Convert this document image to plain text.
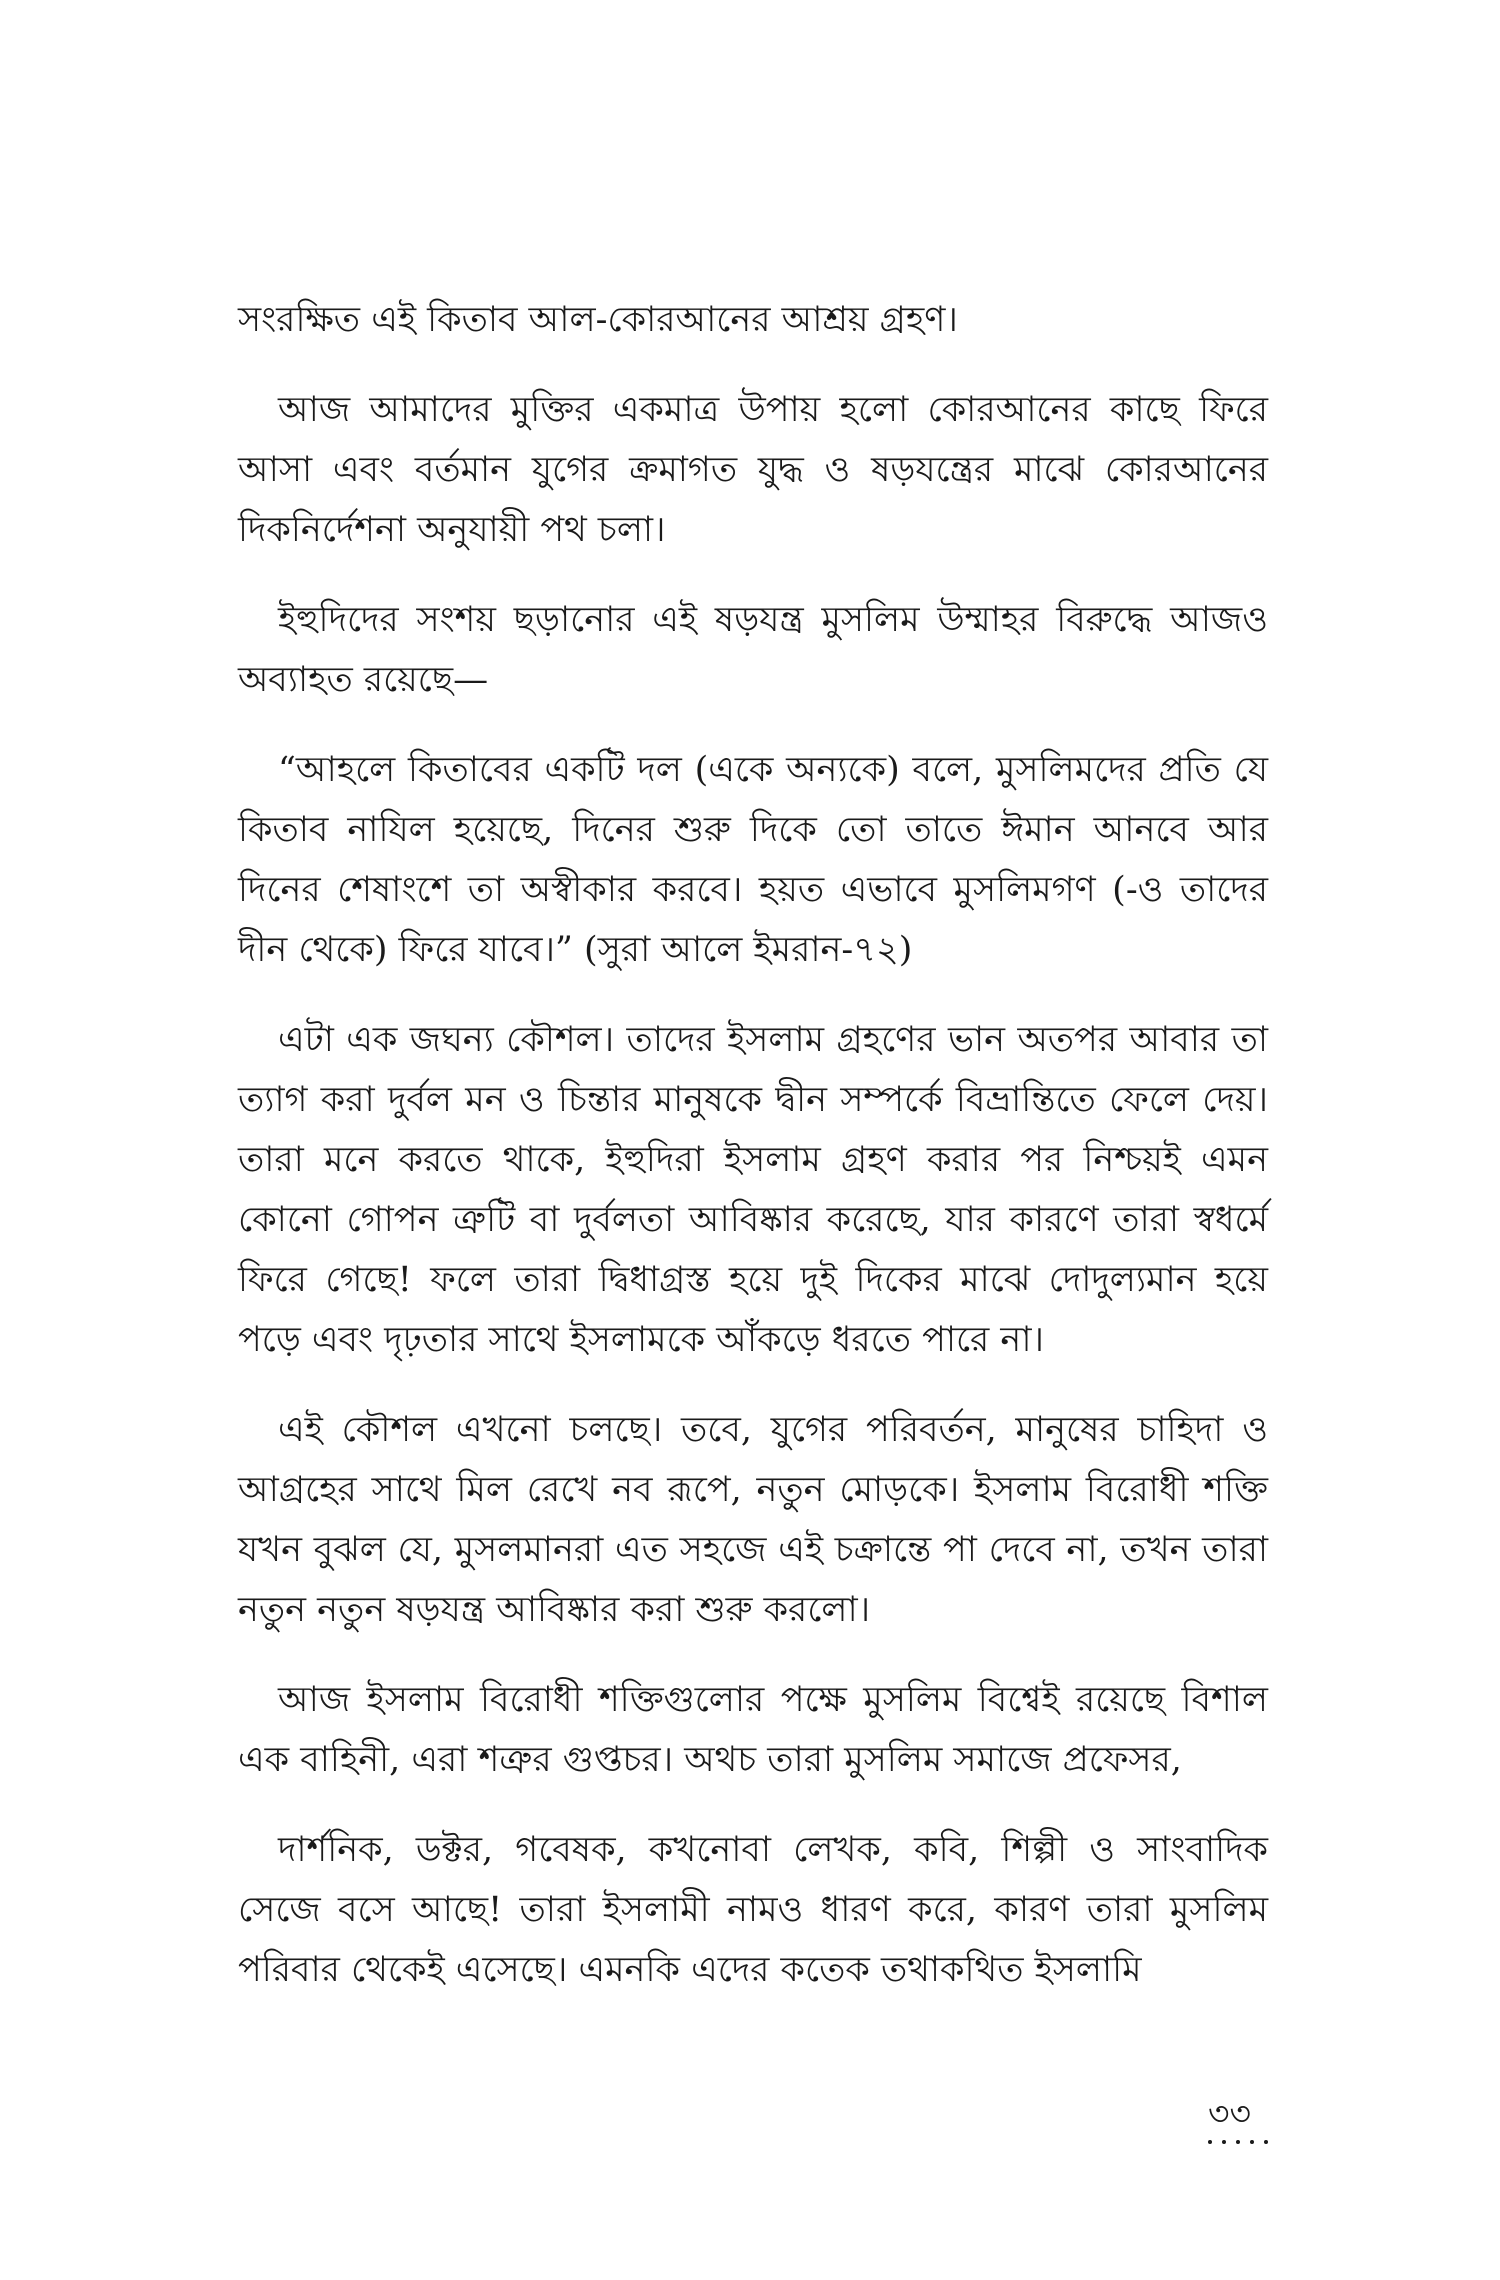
সংরক্ষিত এই কিতাব আল-কোরআনের আশ্রয় গ্রহণ।

আজ আমাদের মুক্তির একমাত্র উপায় হলো কোরআনের কাছে ফিরে আসা এবং বর্তমান যুগের ক্রমাগত যুদ্ধ ও ষড়যন্ত্রের মাঝে কোরআনের দিকনির্দেশনা অনুযায়ী পথ চলা।

ইহুদিদের সংশয় ছড়ানোর এই ষড়যন্ত্র মুসলিম উম্মাহর বিরুদ্ধে আজও অব্যাহত রয়েছে—

“আহলে কিতাবের একটি দল (একে অন্যকে) বলে, মুসলিমদের প্রতি যে কিতাব নাযিল হয়েছে, দিনের শুরু দিকে তো তাতে ঈমান আনবে আর দিনের শেষাংশে তা অস্বীকার করবে। হয়ত এভাবে মুসলিমগণ (-ও তাদের দীন থেকে) ফিরে যাবে।” (সুরা আলে ইমরান-৭২)

এটা এক জঘন্য কৌশল। তাদের ইসলাম গ্রহণের ভান অতপর আবার তা ত্যাগ করা দুর্বল মন ও চিন্তার মানুষকে দ্বীন সম্পর্কে বিভ্রান্তিতে ফেলে দেয়। তারা মনে করতে থাকে, ইহুদিরা ইসলাম গ্রহণ করার পর নিশ্চয়ই এমন কোনো গোপন ত্রুটি বা দুর্বলতা আবিষ্কার করেছে, যার কারণে তারা স্বধর্মে ফিরে গেছে! ফলে তারা দ্বিধাগ্রস্ত হয়ে দুই দিকের মাঝে দোদুল্যমান হয়ে পড়ে এবং দৃঢ়তার সাথে ইসলামকে আঁকড়ে ধরতে পারে না।

এই কৌশল এখনো চলছে। তবে, যুগের পরিবর্তন, মানুষের চাহিদা ও আগ্রহের সাথে মিল রেখে নব রূপে, নতুন মোড়কে। ইসলাম বিরোধী শক্তি যখন বুঝল যে, মুসলমানরা এত সহজে এই চক্রান্তে পা দেবে না, তখন তারা নতুন নতুন ষড়যন্ত্র আবিষ্কার করা শুরু করলো।

আজ ইসলাম বিরোধী শক্তিগুলোর পক্ষে মুসলিম বিশ্বেই রয়েছে বিশাল এক বাহিনী, এরা শত্রুর গুপ্তচর। অথচ তারা মুসলিম সমাজে প্রফেসর,

দার্শনিক, ডক্টর, গবেষক, কখনোবা লেখক, কবি, শিল্পী ও সাংবাদিক সেজে বসে আছে! তারা ইসলামী নামও ধারণ করে, কারণ তারা মুসলিম পরিবার থেকেই এসেছে। এমনকি এদের কতেক তথাকথিত ইসলামি

৩৩
